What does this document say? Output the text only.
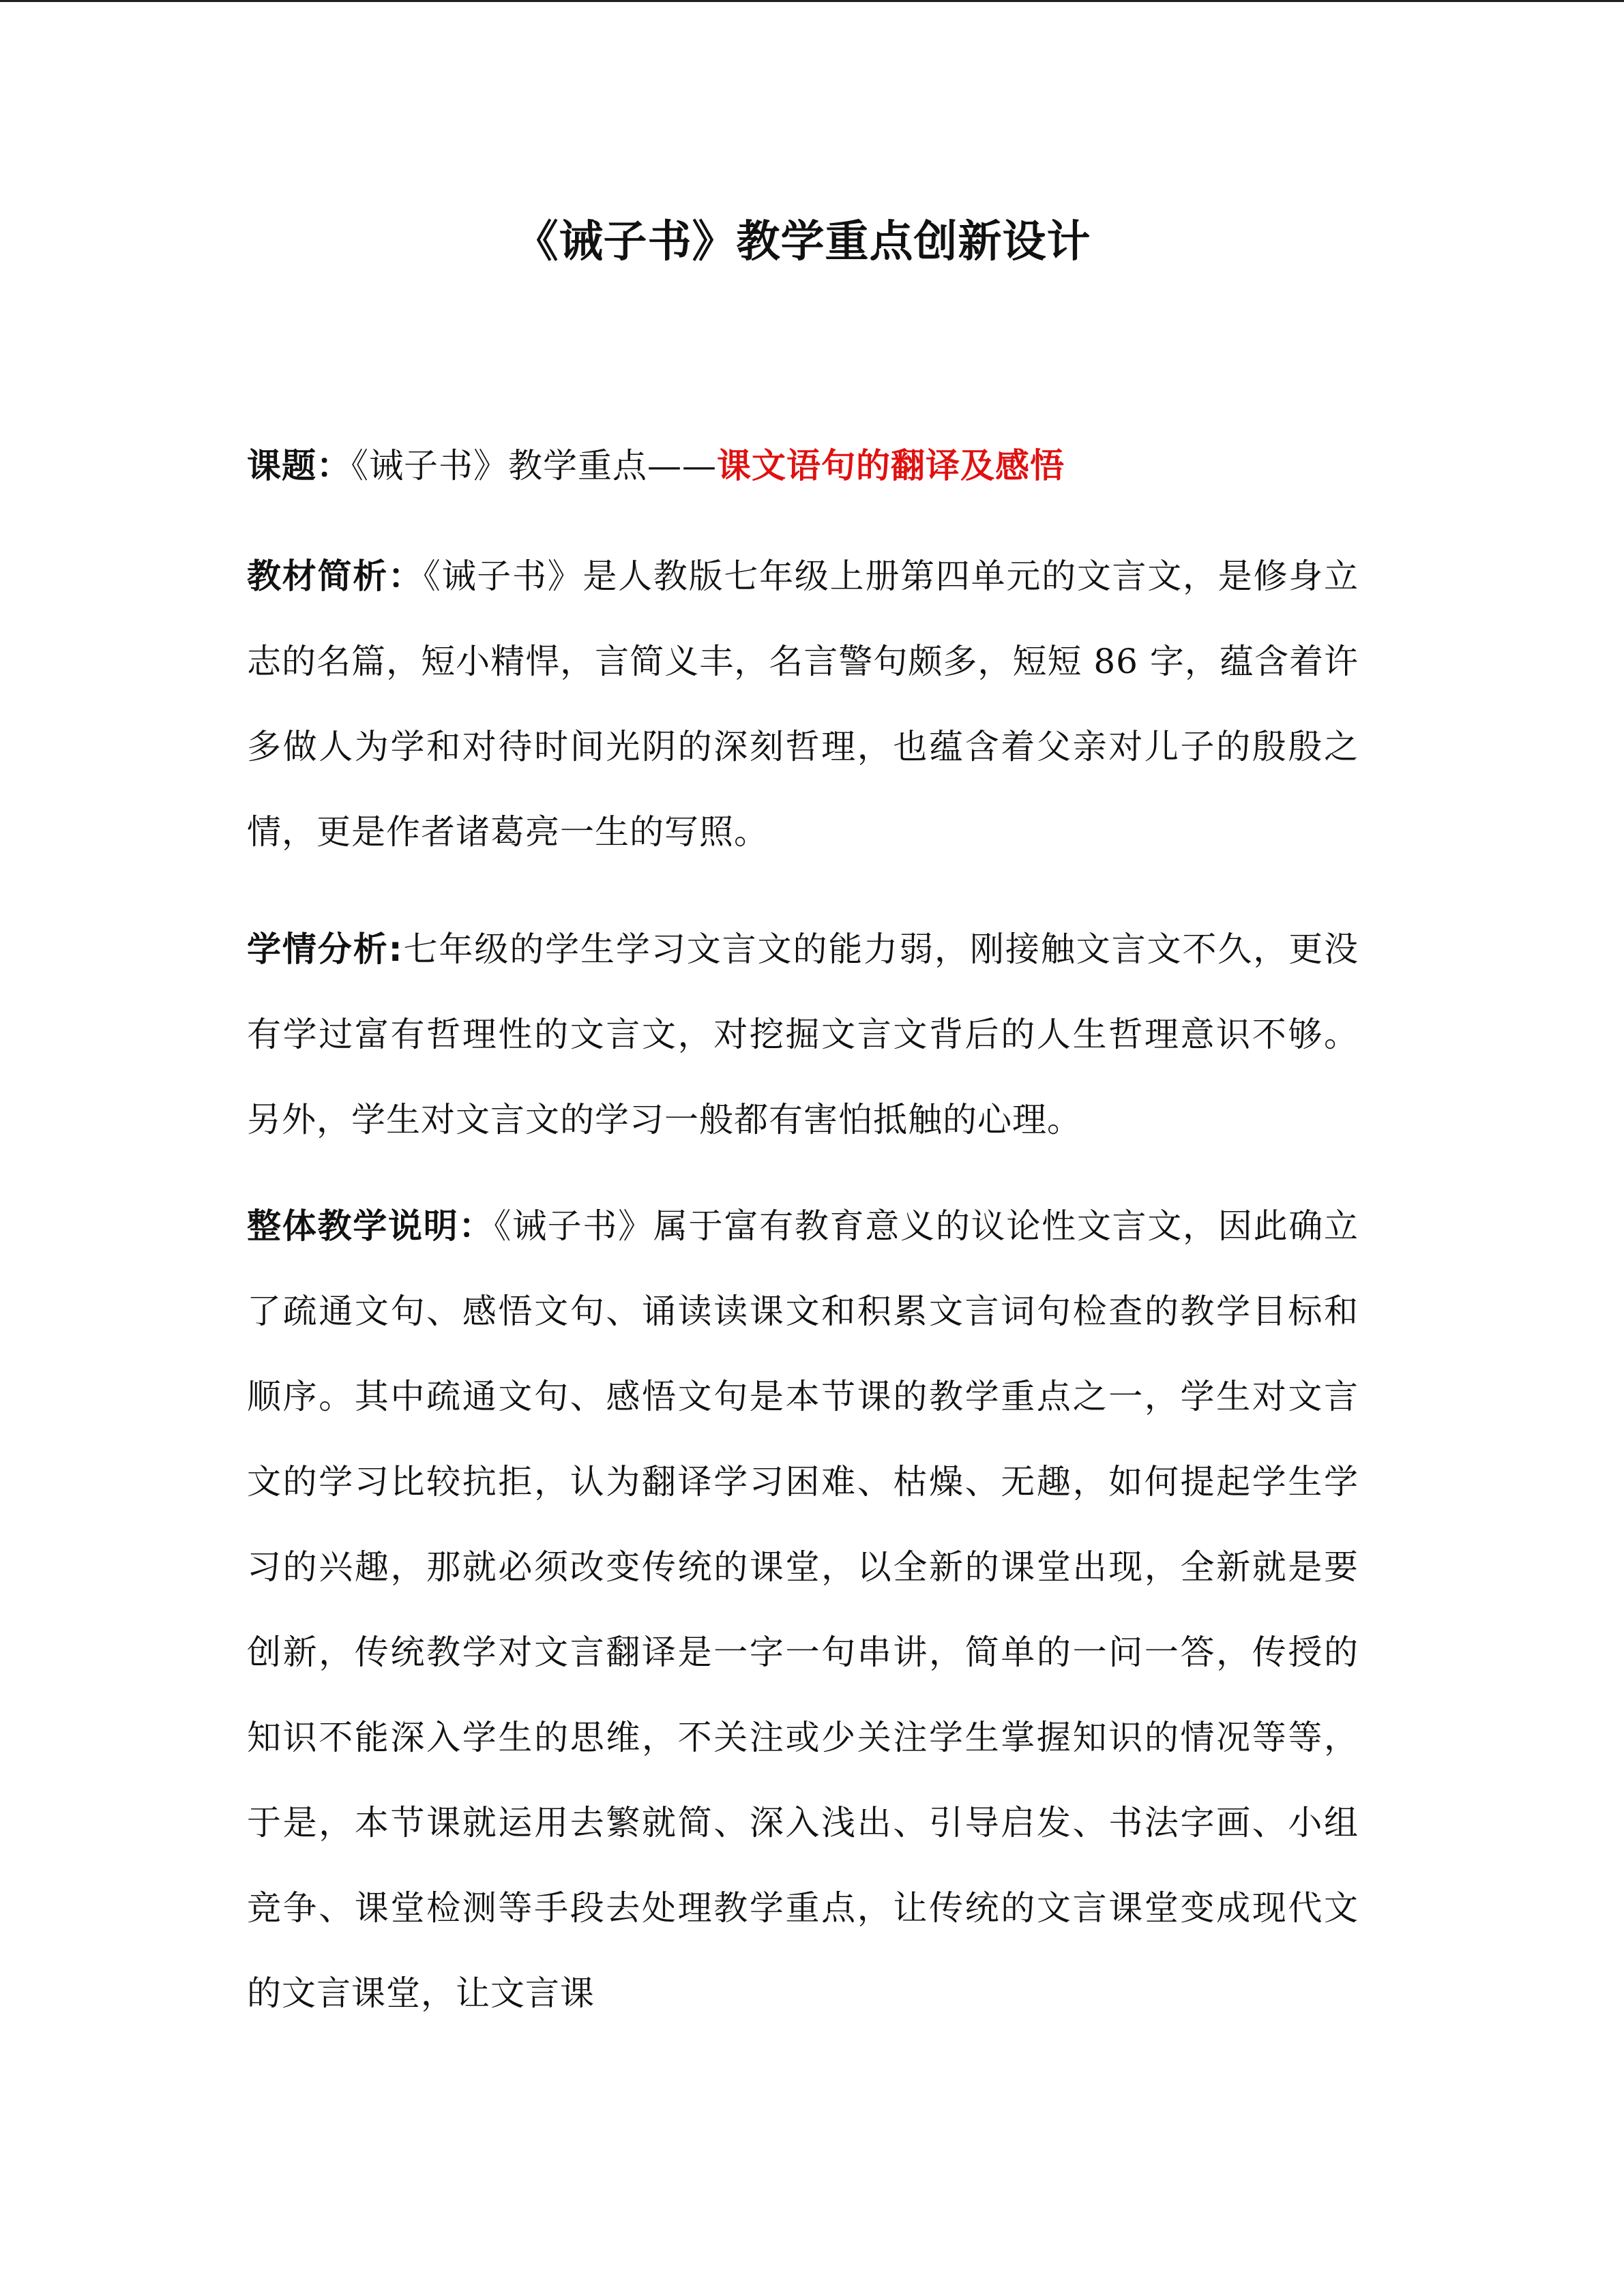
《诫子书》教学重点创新设计

课题：《诫子书》教学重点——课文语句的翻译及感悟

教材简析：《诫子书》是人教版七年级上册第四单元的文言文，是修身立志的名篇，短小精悍，言简义丰，名言警句颇多，短短 86 字，蕴含着许多做人为学和对待时间光阴的深刻哲理，也蕴含着父亲对儿子的殷殷之情，更是作者诸葛亮一生的写照。

学情分析:七年级的学生学习文言文的能力弱，刚接触文言文不久，更没有学过富有哲理性的文言文，对挖掘文言文背后的人生哲理意识不够。另外，学生对文言文的学习一般都有害怕抵触的心理。

整体教学说明：《诫子书》属于富有教育意义的议论性文言文，因此确立了疏通文句、感悟文句、诵读读课文和积累文言词句检查的教学目标和顺序。其中疏通文句、感悟文句是本节课的教学重点之一，学生对文言文的学习比较抗拒，认为翻译学习困难、枯燥、无趣，如何提起学生学习的兴趣，那就必须改变传统的课堂，以全新的课堂出现，全新就是要创新，传统教学对文言翻译是一字一句串讲，简单的一问一答，传授的知识不能深入学生的思维，不关注或少关注学生掌握知识的情况等等，于是，本节课就运用去繁就简、深入浅出、引导启发、书法字画、小组竞争、课堂检测等手段去处理教学重点，让传统的文言课堂变成现代文的文言课堂，让文言课
